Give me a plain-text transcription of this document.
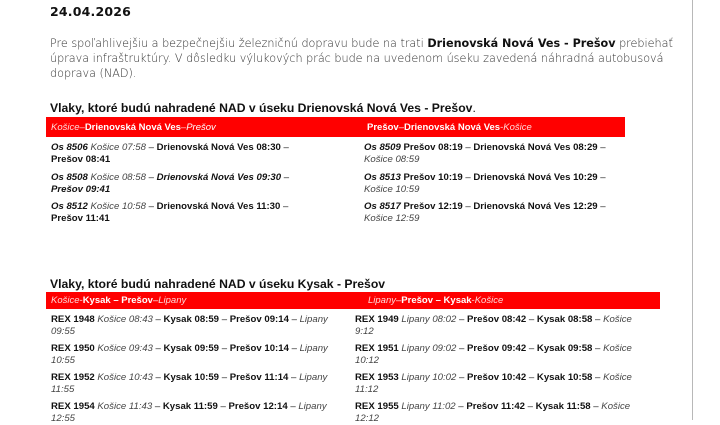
24.04.2026
Pre spoľahlivejšiu a bezpečnejšiu železničnú dopravu bude na trati Drienovská Nová Ves - Prešov prebiehať úprava infraštruktúry. V dôsledku výlukových prác bude na uvedenom úseku zavedená náhradná autobusová doprava (NAD).
Vlaky, ktoré budú nahradené NAD v úseku Drienovská Nová Ves - Prešov.
Košice – Drienovská Nová Ves – Prešov	Prešov – Drienovská Nová Ves - Košice
Os 8506 Košice 07:58 – Drienovská Nová Ves 08:30 –
Prešov 08:41
Os 8508 Košice 08:58 – Drienovská Nová Ves 09:30 –
Prešov 09:41
Os 8512 Košice 10:58 – Drienovská Nová Ves 11:30 –
Prešov 11:41
Os 8509 Prešov 08:19 – Drienovská Nová Ves 08:29 –
Košice 08:59
Os 8513 Prešov 10:19 – Drienovská Nová Ves 10:29 –
Košice 10:59
Os 8517 Prešov 12:19 – Drienovská Nová Ves 12:29 –
Košice 12:59
Vlaky, ktoré budú nahradené NAD v úseku Kysak - Prešov
Košice - Kysak – Prešov – Lipany	Lipany – Prešov – Kysak - Košice
REX 1948 Košice 08:43 – Kysak 08:59 – Prešov 09:14 – Lipany
09:55
REX 1950 Košice 09:43 – Kysak 09:59 – Prešov 10:14 – Lipany
10:55
REX 1952 Košice 10:43 – Kysak 10:59 – Prešov 11:14 – Lipany
11:55
REX 1954 Košice 11:43 – Kysak 11:59 – Prešov 12:14 – Lipany
12:55
REX 1949 Lipany 08:02 – Prešov 08:42 – Kysak 08:58 – Košice
9:12
REX 1951 Lipany 09:02 – Prešov 09:42 – Kysak 09:58 – Košice
10:12
REX 1953 Lipany 10:02 – Prešov 10:42 – Kysak 10:58 – Košice
11:12
REX 1955 Lipany 11:02 – Prešov 11:42 – Kysak 11:58 – Košice
12:12
